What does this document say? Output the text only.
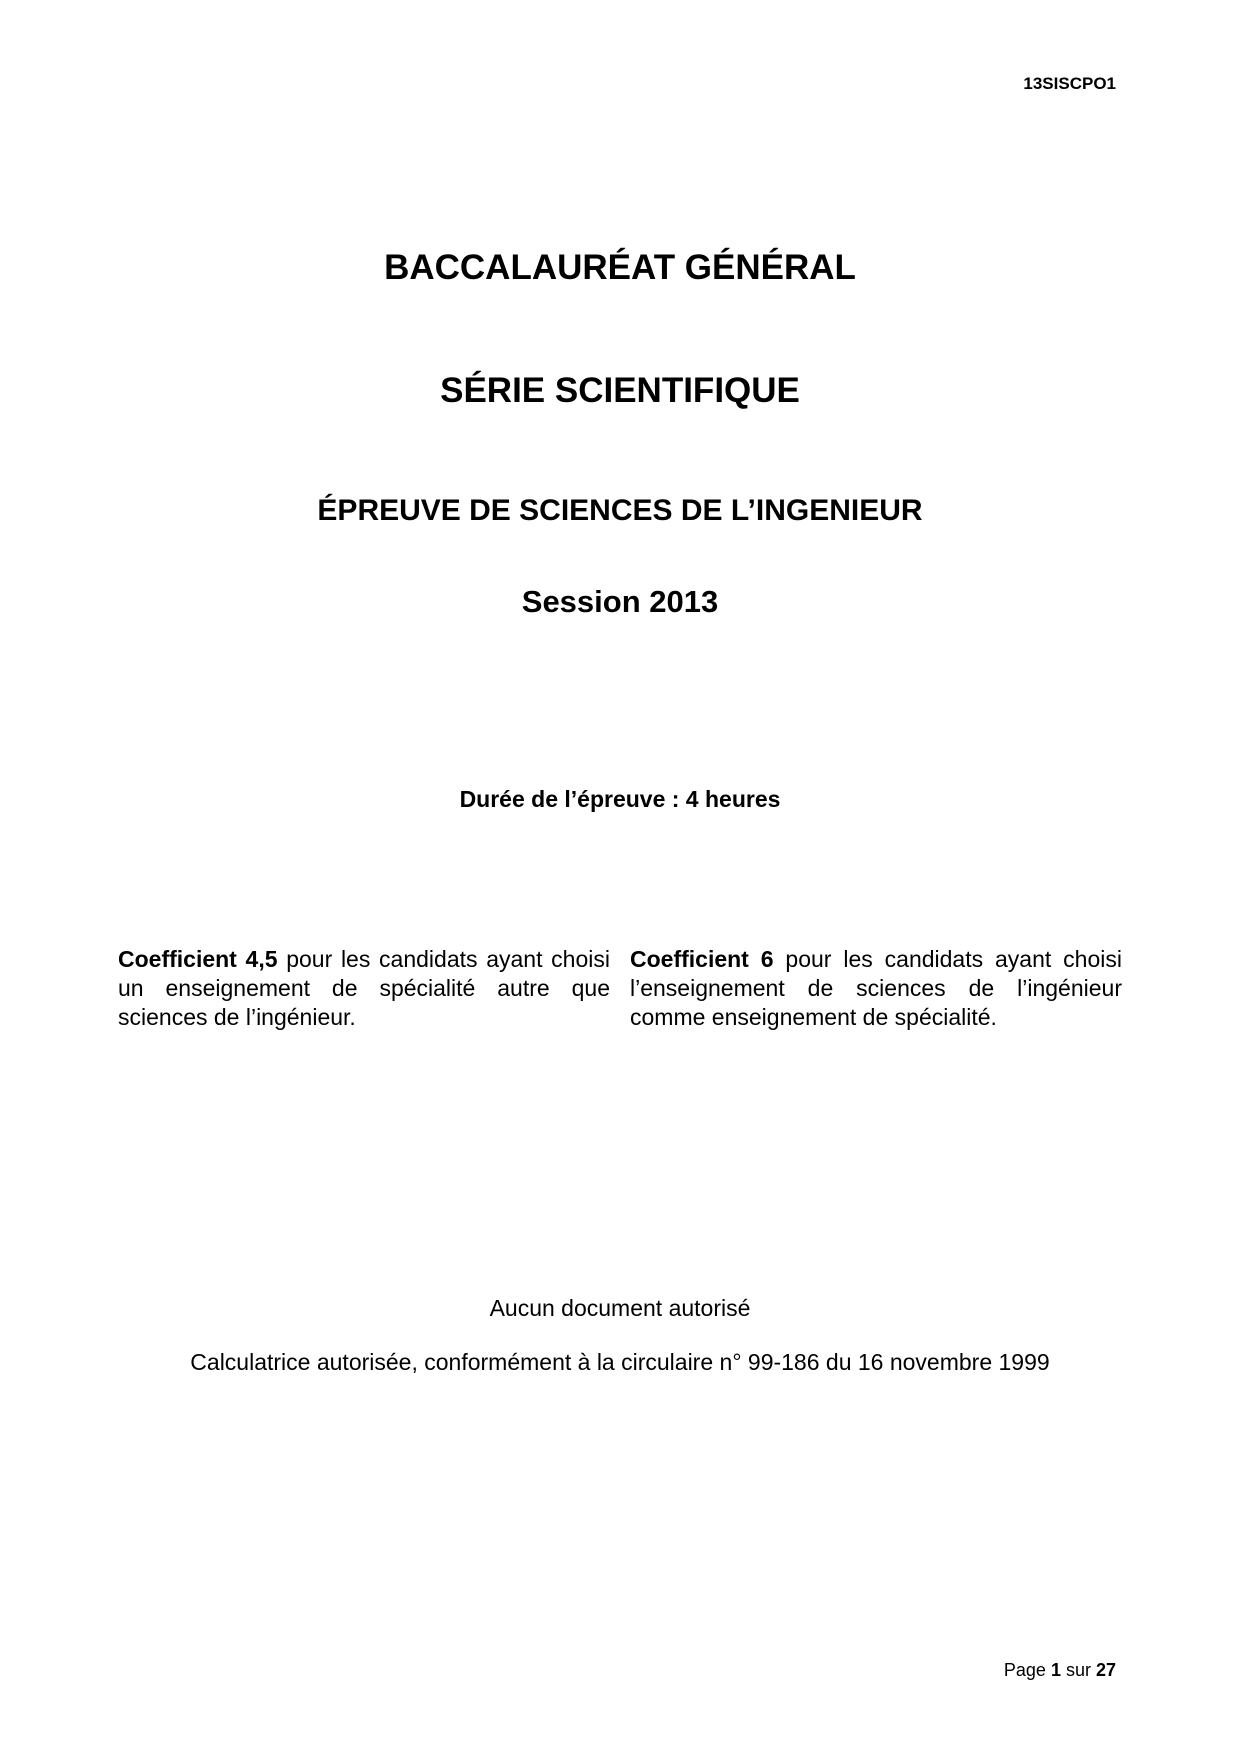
13SISCPO1
BACCALAURÉAT GÉNÉRAL
SÉRIE SCIENTIFIQUE
ÉPREUVE DE SCIENCES DE L’INGENIEUR
Session 2013
Durée de l’épreuve : 4 heures
Coefficient 4,5 pour les candidats ayant choisi un enseignement de spécialité autre que sciences de l’ingénieur.
Coefficient 6 pour les candidats ayant choisi l’enseignement de sciences de l’ingénieur comme enseignement de spécialité.
Aucun document autorisé
Calculatrice autorisée, conformément à la circulaire n° 99-186 du 16 novembre 1999
Page 1 sur 27
